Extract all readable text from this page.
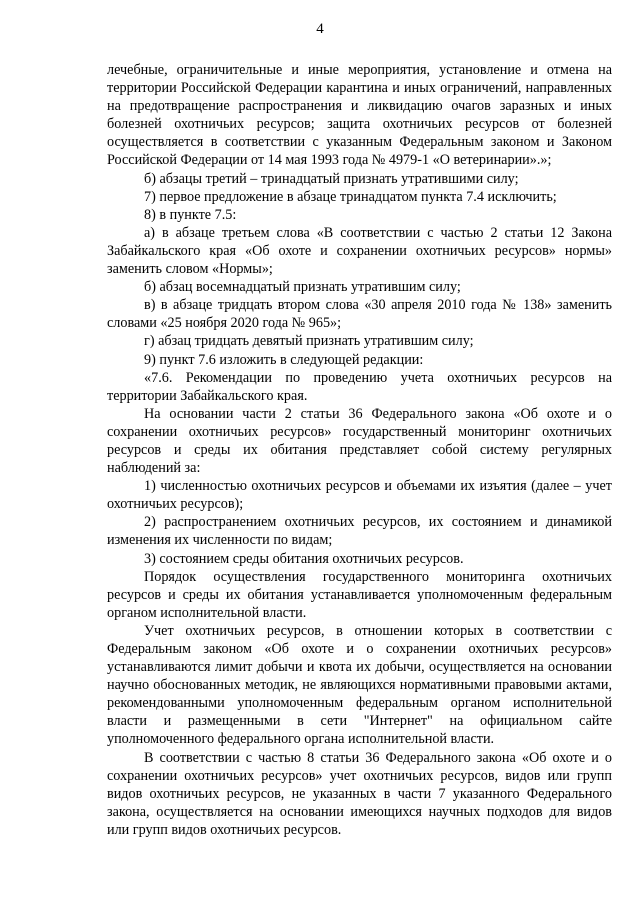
4

лечебные, ограничительные и иные мероприятия, установление и отмена на территории Российской Федерации карантина и иных ограничений, направленных на предотвращение распространения и ликвидацию очагов заразных и иных болезней охотничьих ресурсов; защита охотничьих ресурсов от болезней осуществляется в соответствии с указанным Федеральным законом и Законом Российской Федерации от 14 мая 1993 года № 4979-1 «О ветеринарии».»;

б) абзацы третий – тринадцатый признать утратившими силу;

7) первое предложение в абзаце тринадцатом пункта 7.4 исключить;

8) в пункте 7.5:

а) в абзаце третьем слова «В соответствии с частью 2 статьи 12 Закона Забайкальского края «Об охоте и сохранении охотничьих ресурсов» нормы» заменить словом «Нормы»;

б) абзац восемнадцатый признать утратившим силу;

в) в абзаце тридцать втором слова «30 апреля 2010 года № 138» заменить словами «25 ноября 2020 года № 965»;

г) абзац тридцать девятый признать утратившим силу;

9) пункт 7.6 изложить в следующей редакции:

«7.6. Рекомендации по проведению учета охотничьих ресурсов на территории Забайкальского края.

На основании части 2 статьи 36 Федерального закона «Об охоте и о сохранении охотничьих ресурсов» государственный мониторинг охотничьих ресурсов и среды их обитания представляет собой систему регулярных наблюдений за:

1) численностью охотничьих ресурсов и объемами их изъятия (далее – учет охотничьих ресурсов);

2) распространением охотничьих ресурсов, их состоянием и динамикой изменения их численности по видам;

3) состоянием среды обитания охотничьих ресурсов.

Порядок осуществления государственного мониторинга охотничьих ресурсов и среды их обитания устанавливается уполномоченным федеральным органом исполнительной власти.

Учет охотничьих ресурсов, в отношении которых в соответствии с Федеральным законом «Об охоте и о сохранении охотничьих ресурсов» устанавливаются лимит добычи и квота их добычи, осуществляется на основании научно обоснованных методик, не являющихся нормативными правовыми актами, рекомендованными уполномоченным федеральным органом исполнительной власти и размещенными в сети "Интернет" на официальном сайте уполномоченного федерального органа исполнительной власти.

В соответствии с частью 8 статьи 36 Федерального закона «Об охоте и о сохранении охотничьих ресурсов» учет охотничьих ресурсов, видов или групп видов охотничьих ресурсов, не указанных в части 7 указанного Федерального закона, осуществляется на основании имеющихся научных подходов для видов или групп видов охотничьих ресурсов.
